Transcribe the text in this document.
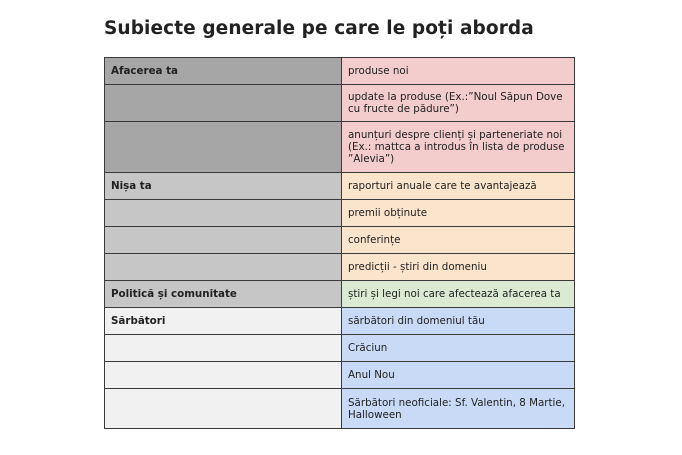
Subiecte generale pe care le poți aborda
Afacerea ta	produse noi
	update la produse (Ex.:”Noul Săpun Dove cu fructe de pădure”)
	anunțuri despre clienți și parteneriate noi (Ex.: mattca a introdus în lista de produse ”Alevia”)
Nișa ta	raporturi anuale care te avantajează
	premii obținute
	conferințe
	predicții - știri din domeniu
Politică și comunitate	știri și legi noi care afectează afacerea ta
Sărbători	sărbători din domeniul tău
	Crăciun
	Anul Nou
	Sărbători neoficiale: Sf. Valentin, 8 Martie, Halloween
